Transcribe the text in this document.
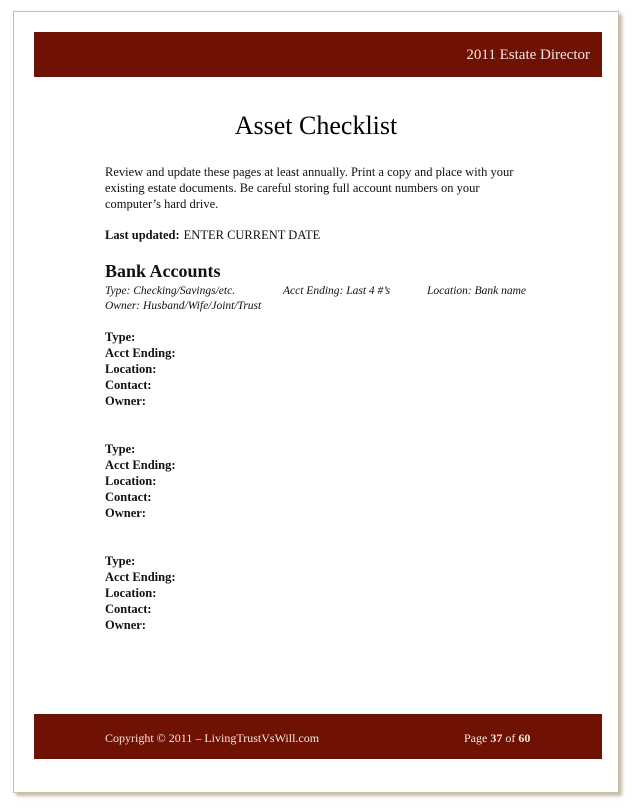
2011 Estate Director
Asset Checklist

Review and update these pages at least annually. Print a copy and place with your existing estate documents. Be careful storing full account numbers on your computer’s hard drive.

Last updated: ENTER CURRENT DATE
Bank Accounts
Type: Checking/Savings/etc.	Acct Ending: Last 4 #’s	Location: Bank name
Owner: Husband/Wife/Joint/Trust
Type:
Acct Ending:
Location:
Contact:
Owner:
Type:
Acct Ending:
Location:
Contact:
Owner:
Type:
Acct Ending:
Location:
Contact:
Owner:
Copyright © 2011 – LivingTrustVsWill.com	Page 37 of 60
